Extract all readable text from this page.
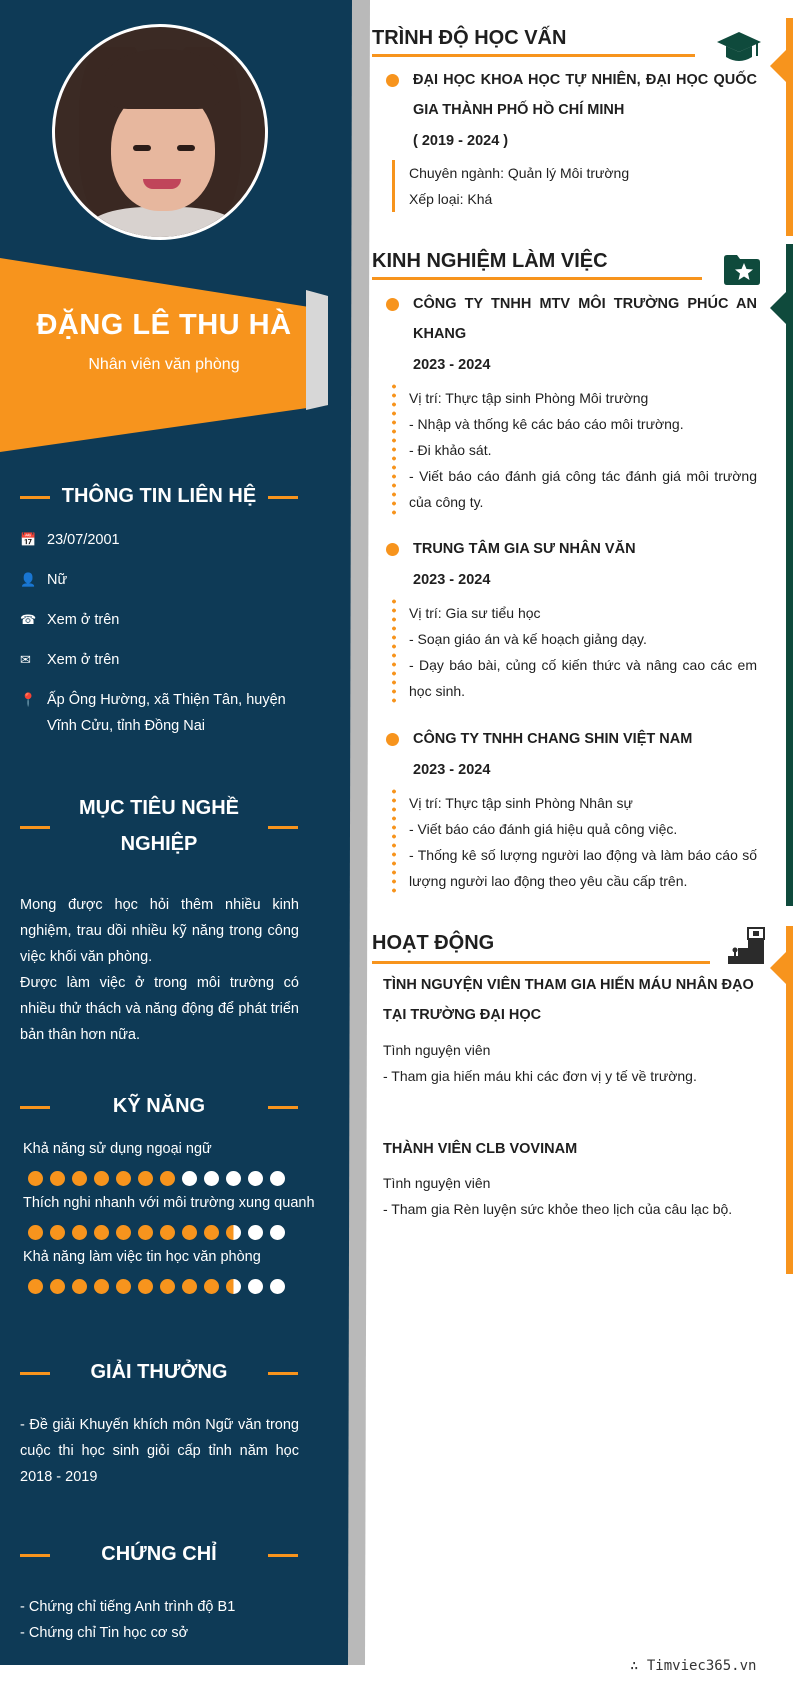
ĐẶNG LÊ THU HÀ
Nhân viên văn phòng
THÔNG TIN LIÊN HỆ
📅 23/07/2001
👤 Nữ
☎ Xem ở trên
✉	Xem ở trên
📍 Ấp Ông Hường, xã Thiện Tân, huyện Vĩnh Cửu, tỉnh Đồng Nai
MỤC TIÊU NGHỀ
NGHIỆP
Mong được học hỏi thêm nhiều kinh nghiệm, trau dồi nhiều kỹ năng trong công việc khối văn phòng.
Được làm việc ở trong môi trường có nhiều thử thách và năng động để phát triển bản thân hơn nữa.
KỸ NĂNG
Khả năng sử dụng ngoại ngữ
Thích nghi nhanh với môi trường xung quanh
Khả năng làm việc tin học văn phòng
GIẢI THƯỞNG
- Đề giải Khuyến khích môn Ngữ văn trong cuộc thi học sinh giỏi cấp tỉnh năm học 2018 - 2019
CHỨNG CHỈ
- Chứng chỉ tiếng Anh trình độ B1
- Chứng chỉ Tin học cơ sở
TRÌNH ĐỘ HỌC VẤN
ĐẠI HỌC KHOA HỌC TỰ NHIÊN, ĐẠI HỌC QUỐC GIA THÀNH PHỐ HỒ CHÍ MINH
( 2019 - 2024 )
Chuyên ngành: Quản lý Môi trường
Xếp loại: Khá
KINH NGHIỆM LÀM VIỆC
CÔNG TY TNHH MTV MÔI TRƯỜNG PHÚC AN KHANG
2023 - 2024
Vị trí: Thực tập sinh Phòng Môi trường
- Nhập và thống kê các báo cáo môi trường.
- Đi khảo sát.
- Viết báo cáo đánh giá công tác đánh giá môi trường của công ty.
TRUNG TÂM GIA SƯ NHÂN VĂN
2023 - 2024
Vị trí: Gia sư tiểu học
- Soạn giáo án và kế hoạch giảng dạy.
- Dạy báo bài, củng cố kiến thức và nâng cao các em học sinh.
CÔNG TY TNHH CHANG SHIN VIỆT NAM
2023 - 2024
Vị trí: Thực tập sinh Phòng Nhân sự
- Viết báo cáo đánh giá hiệu quả công việc.
- Thống kê số lượng người lao động và làm báo cáo số lượng người lao động theo yêu cầu cấp trên.
HOẠT ĐỘNG
TÌNH NGUYỆN VIÊN THAM GIA HIẾN MÁU NHÂN ĐẠO TẠI TRƯỜNG ĐẠI HỌC
Tình nguyện viên
- Tham gia hiến máu khi các đơn vị y tế về trường.
THÀNH VIÊN CLB VOVINAM
Tình nguyện viên
- Tham gia Rèn luyện sức khỏe theo lịch của câu lạc bộ.
∴ Timviec365.vn
